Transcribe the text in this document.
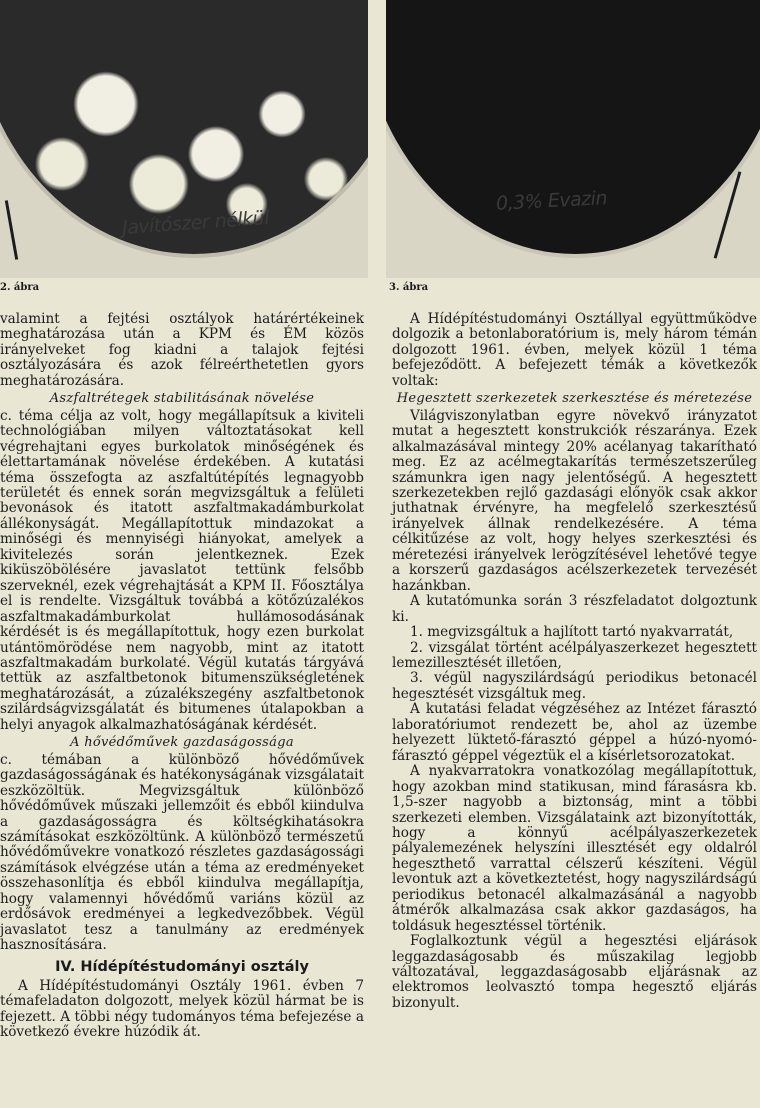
Javítószer nélkül
0,3% Evazin
2. ábra	3. ábra

valamint a fejtési osztályok határértékeinek meghatározása után a KPM és ÉM közös irányelveket fog kiadni a talajok fejtési osztályozására és azok félreérthetetlen gyors meghatározására.

Aszfaltrétegek stabilitásának növelése

c. téma célja az volt, hogy megállapítsuk a kiviteli technológiában milyen változtatásokat kell végrehajtani egyes burkolatok minőségének és élettartamának növelése érdekében. A kutatási téma összefogta az aszfaltútépítés legnagyobb területét és ennek során megvizsgáltuk a felületi bevonások és itatott aszfaltmakadámburkolat állékonyságát. Megállapítottuk mindazokat a minőségi és mennyiségi hiányokat, amelyek a kivitelezés során jelentkeznek. Ezek kiküszöbölésére javaslatot tettünk felsőbb szerveknél, ezek végrehajtását a KPM II. Főosztálya el is rendelte. Vizsgáltuk továbbá a kötőzúzalékos aszfaltmakadámburkolat hullámosodásának kérdését is és megállapítottuk, hogy ezen burkolat utántömörödése nem nagyobb, mint az itatott aszfaltmakadám burkolaté. Végül kutatás tárgyává tettük az aszfaltbetonok bitumenszükségletének meghatározását, a zúzalékszegény aszfaltbetonok szilárdságvizsgálatát és bitumenes útalapokban a helyi anyagok alkalmazhatóságának kérdését.

A hővédőművek gazdaságossága

c. témában a különböző hővédőművek gazdaságosságának és hatékonyságának vizsgálatait eszközöltük. Megvizsgáltuk különböző hővédőművek műszaki jellemzőit és ebből kiindulva a gazdaságosságra és költségkihatásokra számításokat eszközöltünk. A különböző természetű hővédőművekre vonatkozó részletes gazdaságossági számítások elvégzése után a téma az eredményeket összehasonlítja és ebből kiindulva megállapítja, hogy valamennyi hővédőmű variáns közül az erdősávok eredményei a legkedvezőbbek. Végül javaslatot tesz a tanulmány az eredmények hasznosítására.

IV. Hídépítéstudományi osztály

A Hídépítéstudományi Osztály 1961. évben 7 témafeladaton dolgozott, melyek közül hármat be is fejezett. A többi négy tudományos téma befejezése a következő évekre húzódik át.

A Hídépítéstudományi Osztállyal együttműködve dolgozik a betonlaboratórium is, mely három témán dolgozott 1961. évben, melyek közül 1 téma befejeződött. A befejezett témák a következők voltak:

Hegesztett szerkezetek szerkesztése és méretezése

Világviszonylatban egyre növekvő irányzatot mutat a hegesztett konstrukciók részaránya. Ezek alkalmazásával mintegy 20% acélanyag takarítható meg. Ez az acélmegtakarítás természetszerűleg számunkra igen nagy jelentőségű. A hegesztett szerkezetekben rejlő gazdasági előnyök csak akkor juthatnak érvényre, ha megfelelő szerkesztésű irányelvek állnak rendelkezésére. A téma célkitűzése az volt, hogy helyes szerkesztési és méretezési irányelvek lerögzítésével lehetővé tegye a korszerű gazdaságos acélszerkezetek tervezését hazánkban.

A kutatómunka során 3 részfeladatot dolgoztunk ki.

1. megvizsgáltuk a hajlított tartó nyakvarratát,

2. vizsgálat történt acélpályaszerkezet hegesztett lemezillesztését illetően,

3. végül nagyszilárdságú periodikus betonacél hegesztését vizsgáltuk meg.

A kutatási feladat végzéséhez az Intézet fárasztó laboratóriumot rendezett be, ahol az üzembe helyezett lüktető-fárasztó géppel a húzó-nyomó-fárasztó géppel végeztük el a kísérletsorozatokat.

A nyakvarratokra vonatkozólag megállapítottuk, hogy azokban mind statikusan, mind fárasásra kb. 1,5-szer nagyobb a biztonság, mint a többi szerkezeti elemben. Vizsgálataink azt bizonyították, hogy a könnyű acélpályaszerkezetek pályalemezének helyszíni illesztését egy oldalról hegeszthető varrattal célszerű készíteni. Végül levontuk azt a következtetést, hogy nagyszilárdságú periodikus betonacél alkalmazásánál a nagyobb átmérők alkalmazása csak akkor gazdaságos, ha toldásuk hegesztéssel történik.

Foglalkoztunk végül a hegesztési eljárások leggazdaságosabb és műszakilag legjobb változatával, leggazdaságosabb eljárásnak az elektromos leolvasztó tompa hegesztő eljárás bizonyult.
